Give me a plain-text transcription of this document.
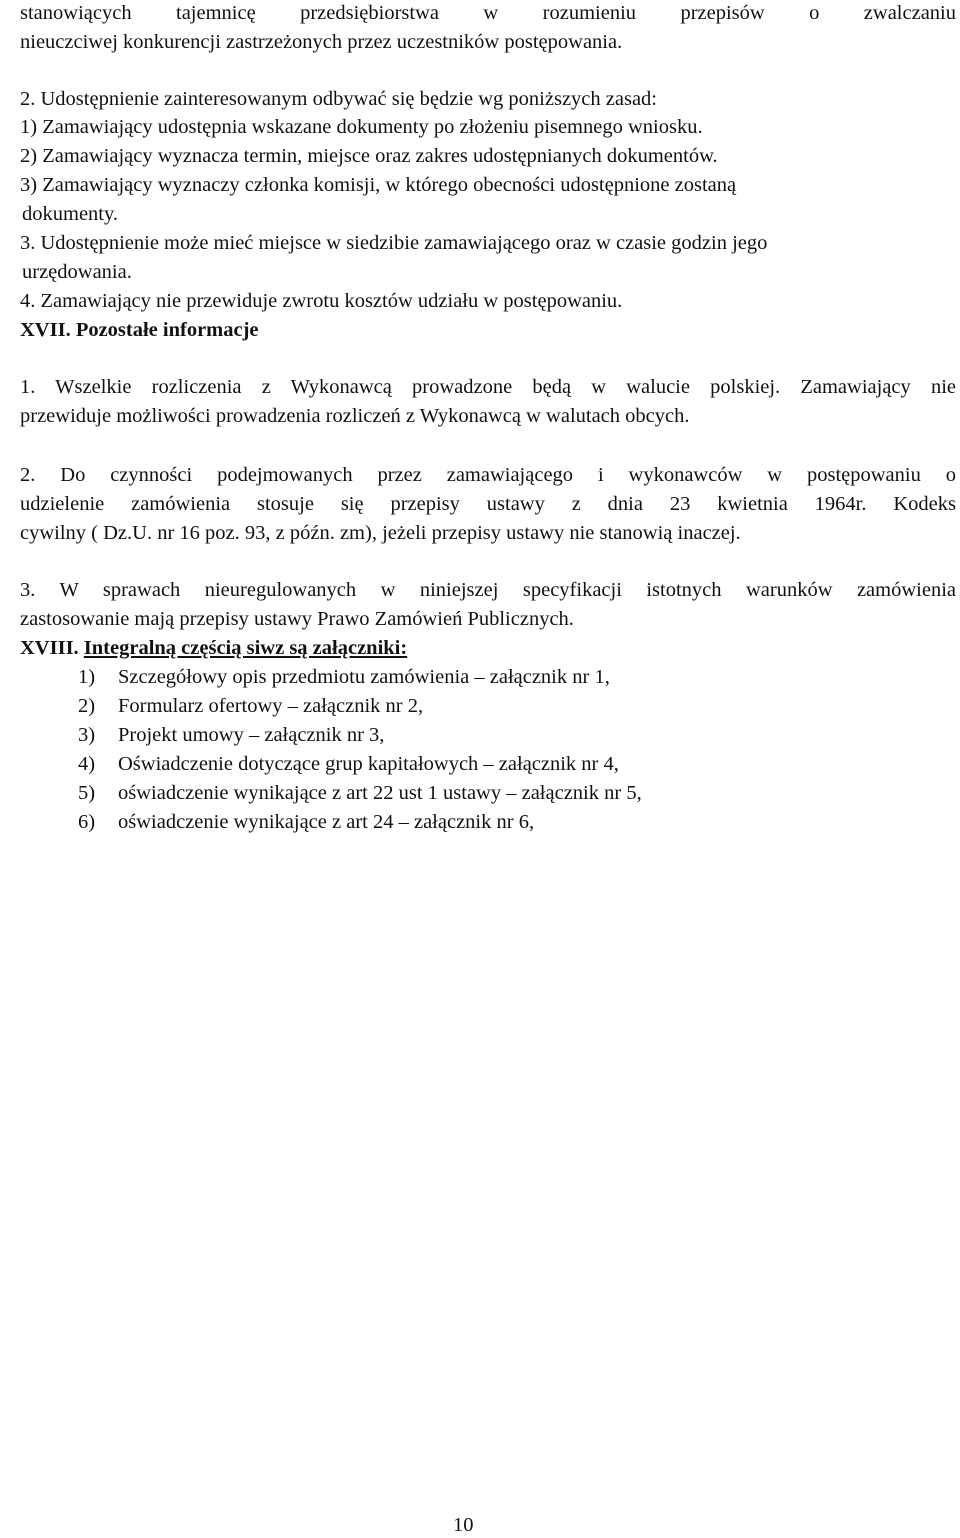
stanowiących tajemnicę przedsiębiorstwa w rozumieniu przepisów o zwalczaniu
nieuczciwej konkurencji zastrzeżonych przez uczestników postępowania.
2. Udostępnienie zainteresowanym odbywać się będzie wg poniższych zasad:
1) Zamawiający udostępnia wskazane dokumenty po złożeniu pisemnego wniosku.
2) Zamawiający wyznacza termin, miejsce oraz zakres udostępnianych dokumentów.
3) Zamawiający wyznaczy członka komisji, w którego obecności udostępnione zostaną
dokumenty.
3. Udostępnienie może mieć miejsce w siedzibie zamawiającego oraz w czasie godzin jego
urzędowania.
4. Zamawiający nie przewiduje zwrotu kosztów udziału w postępowaniu.
XVII. Pozostałe informacje
1. Wszelkie rozliczenia z Wykonawcą prowadzone będą w walucie polskiej. Zamawiający nie
przewiduje możliwości prowadzenia rozliczeń z Wykonawcą w walutach obcych.
2. Do czynności podejmowanych przez zamawiającego i wykonawców w postępowaniu o
udzielenie zamówienia stosuje się przepisy ustawy z dnia 23 kwietnia 1964r. Kodeks
cywilny ( Dz.U. nr 16 poz. 93, z późn. zm), jeżeli przepisy ustawy nie stanowią inaczej.
3. W sprawach nieuregulowanych w niniejszej specyfikacji istotnych warunków zamówienia
zastosowanie mają przepisy ustawy Prawo Zamówień Publicznych.
XVIII. Integralną częścią siwz są załączniki:
1) Szczegółowy opis przedmiotu zamówienia – załącznik nr 1,
2) Formularz ofertowy – załącznik nr 2,
3) Projekt umowy – załącznik nr 3,
4) Oświadczenie dotyczące grup kapitałowych – załącznik nr 4,
5) oświadczenie wynikające z art 22 ust 1 ustawy – załącznik nr 5,
6) oświadczenie wynikające z art 24 – załącznik nr 6,
10
